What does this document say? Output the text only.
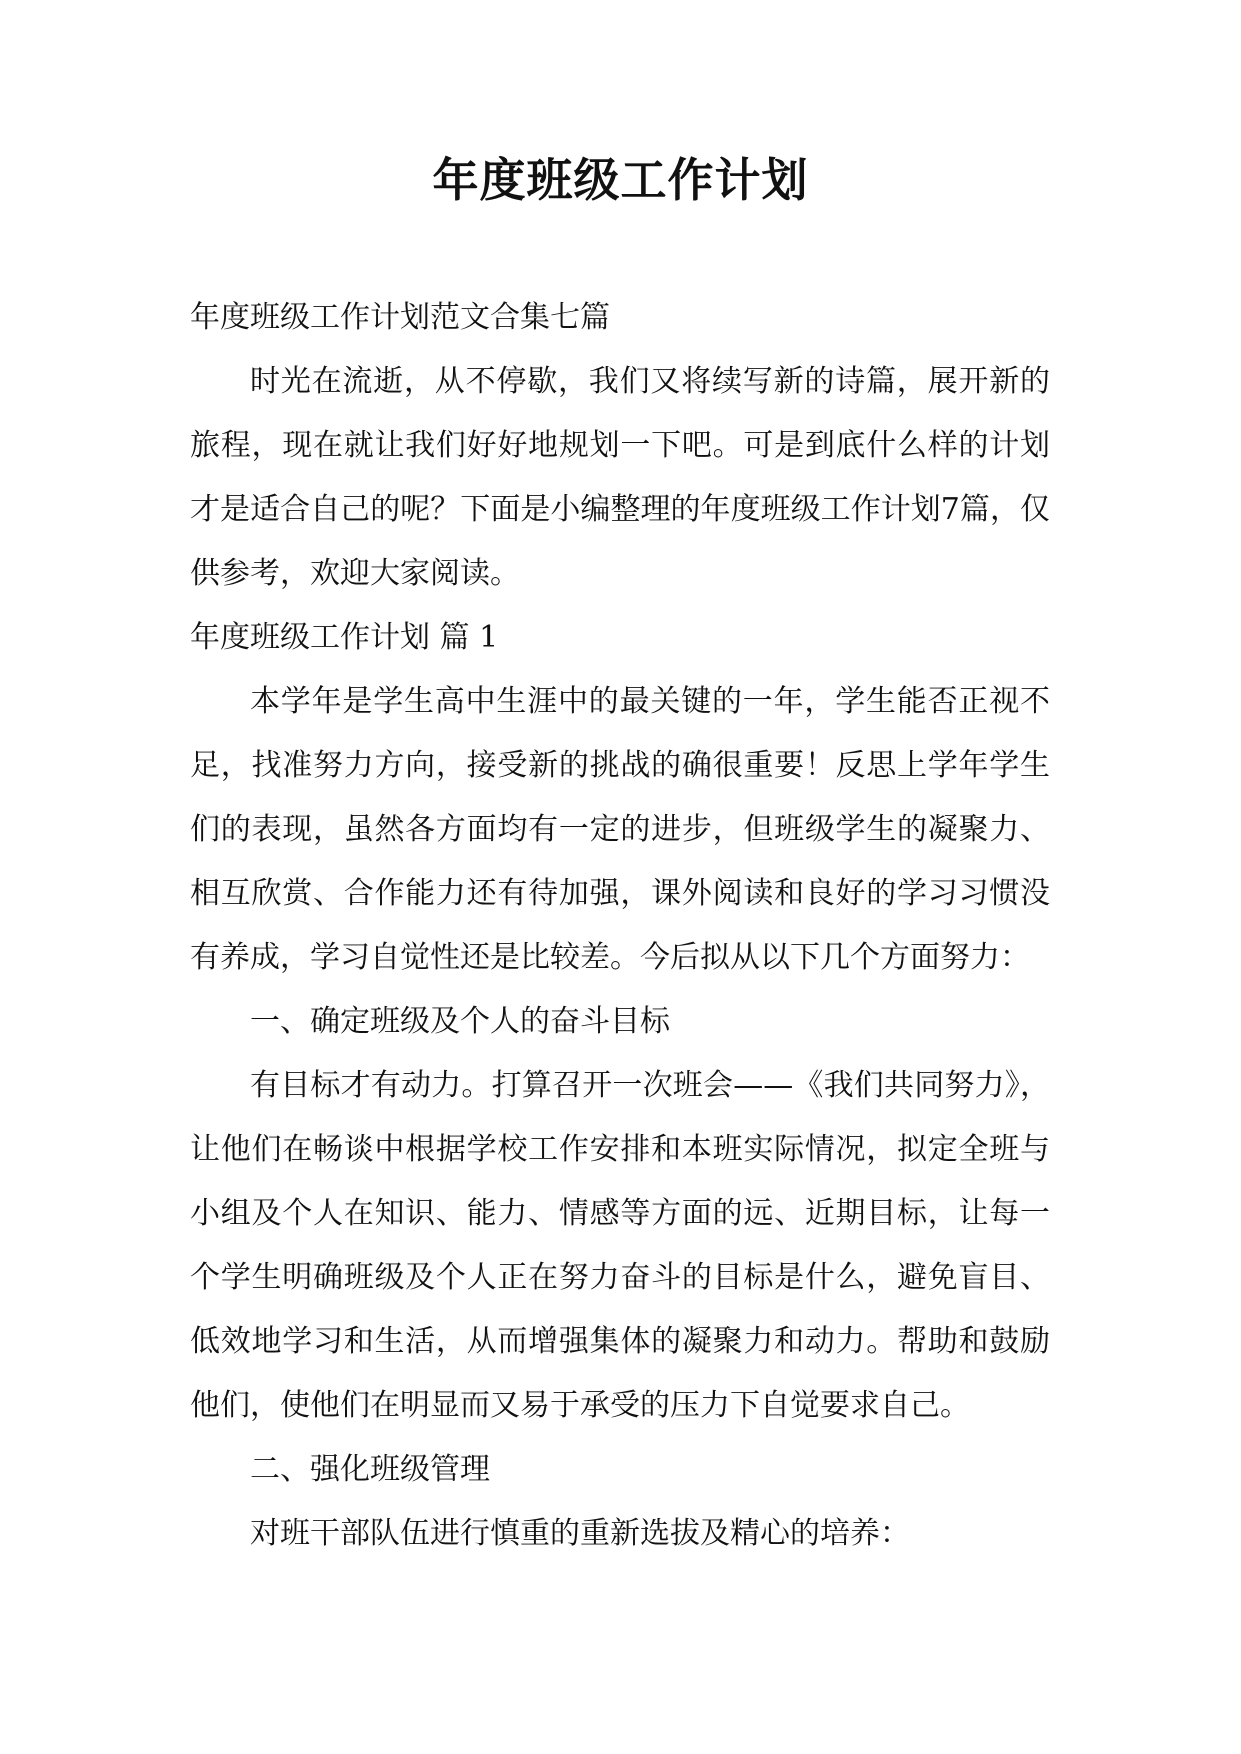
年度班级工作计划

年度班级工作计划范文合集七篇

时光在流逝，从不停歇，我们又将续写新的诗篇，展开新的旅程，现在就让我们好好地规划一下吧。可是到底什么样的计划才是适合自己的呢？下面是小编整理的年度班级工作计划7篇，仅供参考，欢迎大家阅读。

年度班级工作计划 篇 1

本学年是学生高中生涯中的最关键的一年，学生能否正视不足，找准努力方向，接受新的挑战的确很重要！反思上学年学生们的表现，虽然各方面均有一定的进步，但班级学生的凝聚力、相互欣赏、合作能力还有待加强，课外阅读和良好的学习习惯没有养成，学习自觉性还是比较差。今后拟从以下几个方面努力：

一、确定班级及个人的奋斗目标

有目标才有动力。打算召开一次班会——《我们共同努力》，让他们在畅谈中根据学校工作安排和本班实际情况，拟定全班与小组及个人在知识、能力、情感等方面的远、近期目标，让每一个学生明确班级及个人正在努力奋斗的目标是什么，避免盲目、低效地学习和生活，从而增强集体的凝聚力和动力。帮助和鼓励他们，使他们在明显而又易于承受的压力下自觉要求自己。

二、强化班级管理

对班干部队伍进行慎重的重新选拔及精心的培养：
